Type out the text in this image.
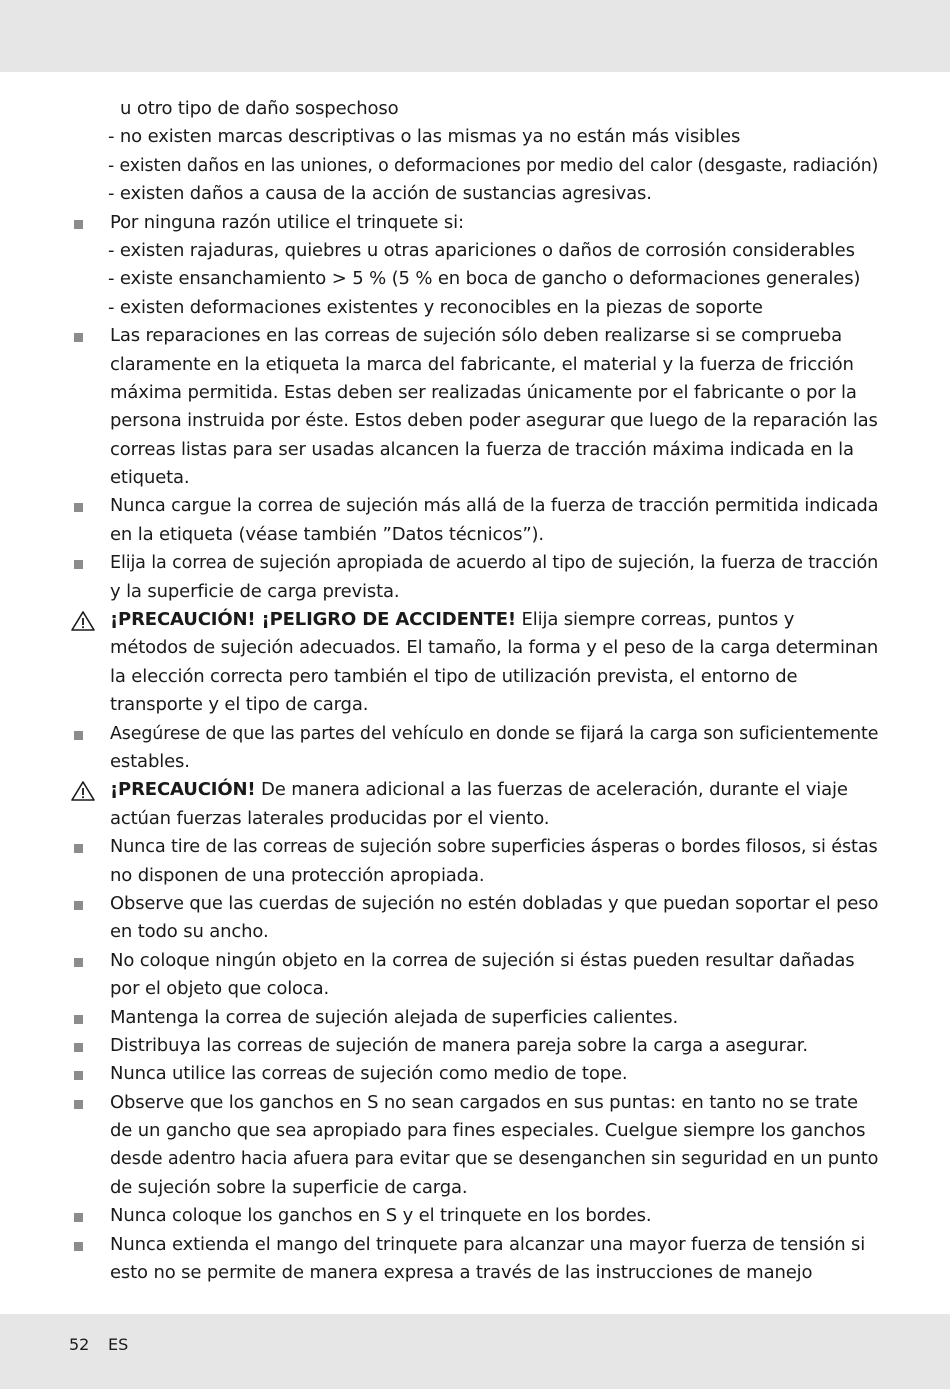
u otro tipo de daño sospechoso
- no existen marcas descriptivas o las mismas ya no están más visibles
- existen daños en las uniones, o deformaciones por medio del calor (desgaste, radiación)
- existen daños a causa de la acción de sustancias agresivas.
Por ninguna razón utilice el trinquete si:
- existen rajaduras, quiebres u otras apariciones o daños de corrosión considerables
- existe ensanchamiento > 5 % (5 % en boca de gancho o deformaciones generales)
- existen deformaciones existentes y reconocibles en la piezas de soporte
Las reparaciones en las correas de sujeción sólo deben realizarse si se comprueba
claramente en la etiqueta la marca del fabricante, el material y la fuerza de fricción
máxima permitida. Estas deben ser realizadas únicamente por el fabricante o por la
persona instruida por éste. Estos deben poder asegurar que luego de la reparación las
correas listas para ser usadas alcancen la fuerza de tracción máxima indicada en la
etiqueta.
Nunca cargue la correa de sujeción más allá de la fuerza de tracción permitida indicada
en la etiqueta (véase también ”Datos técnicos”).
Elija la correa de sujeción apropiada de acuerdo al tipo de sujeción, la fuerza de tracción
y la superficie de carga prevista.
¡PRECAUCIÓN! ¡PELIGRO DE ACCIDENTE! Elija siempre correas, puntos y
métodos de sujeción adecuados. El tamaño, la forma y el peso de la carga determinan
la elección correcta pero también el tipo de utilización prevista, el entorno de
transporte y el tipo de carga.
Asegúrese de que las partes del vehículo en donde se fijará la carga son suficientemente
estables.
¡PRECAUCIÓN! De manera adicional a las fuerzas de aceleración, durante el viaje
actúan fuerzas laterales producidas por el viento.
Nunca tire de las correas de sujeción sobre superficies ásperas o bordes filosos, si éstas
no disponen de una protección apropiada.
Observe que las cuerdas de sujeción no estén dobladas y que puedan soportar el peso
en todo su ancho.
No coloque ningún objeto en la correa de sujeción si éstas pueden resultar dañadas
por el objeto que coloca.
Mantenga la correa de sujeción alejada de superficies calientes.
Distribuya las correas de sujeción de manera pareja sobre la carga a asegurar.
Nunca utilice las correas de sujeción como medio de tope.
Observe que los ganchos en S no sean cargados en sus puntas: en tanto no se trate
de un gancho que sea apropiado para fines especiales. Cuelgue siempre los ganchos
desde adentro hacia afuera para evitar que se desenganchen sin seguridad en un punto
de sujeción sobre la superficie de carga.
Nunca coloque los ganchos en S y el trinquete en los bordes.
Nunca extienda el mango del trinquete para alcanzar una mayor fuerza de tensión si
esto no se permite de manera expresa a través de las instrucciones de manejo
52 ES
